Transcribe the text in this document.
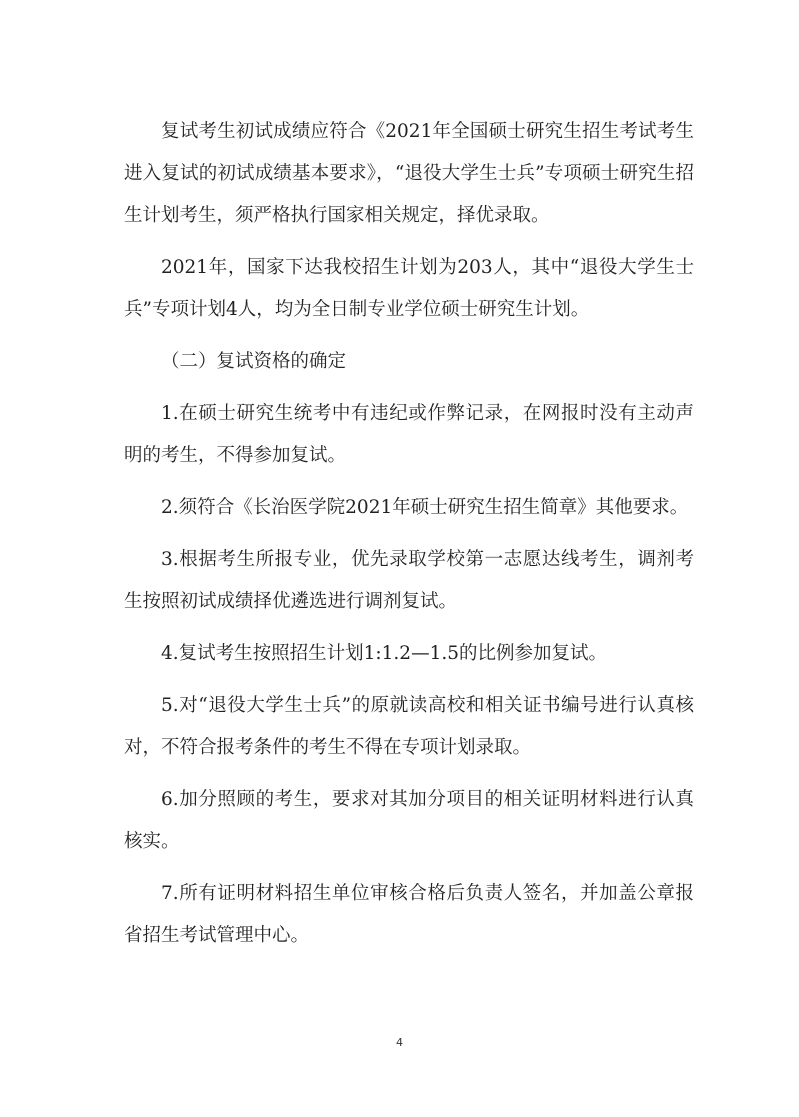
复试考生初试成绩应符合《2021年全国硕士研究生招生考试考生进入复试的初试成绩基本要求》，“退役大学生士兵”专项硕士研究生招生计划考生，须严格执行国家相关规定，择优录取。

2021年，国家下达我校招生计划为203人，其中“退役大学生士兵”专项计划4人，均为全日制专业学位硕士研究生计划。

（二）复试资格的确定

1.在硕士研究生统考中有违纪或作弊记录，在网报时没有主动声明的考生，不得参加复试。

2.须符合《长治医学院2021年硕士研究生招生简章》其他要求。

3.根据考生所报专业，优先录取学校第一志愿达线考生，调剂考生按照初试成绩择优遴选进行调剂复试。

4.复试考生按照招生计划1:1.2—1.5的比例参加复试。

5.对“退役大学生士兵”的原就读高校和相关证书编号进行认真核对，不符合报考条件的考生不得在专项计划录取。

6.加分照顾的考生，要求对其加分项目的相关证明材料进行认真核实。

7.所有证明材料招生单位审核合格后负责人签名，并加盖公章报省招生考试管理中心。

4
